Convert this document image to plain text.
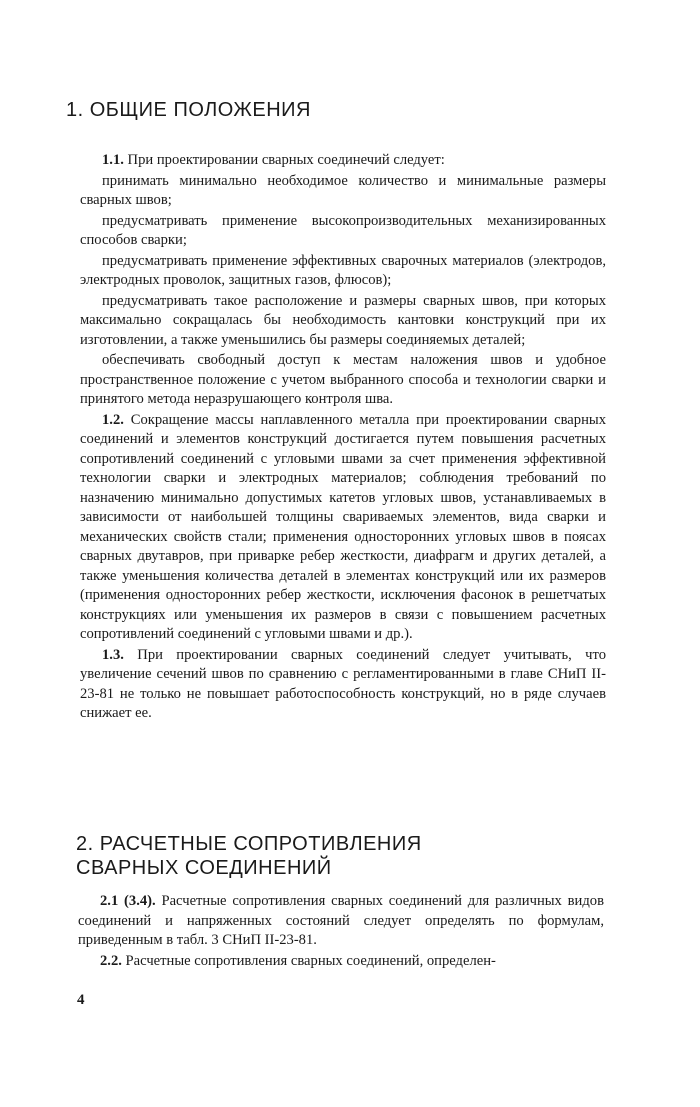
1. ОБЩИЕ ПОЛОЖЕНИЯ

1.1. При проектировании сварных соединечий следует:

принимать минимально необходимое количество и минимальные размеры сварных швов;

предусматривать применение высокопроизводительных механизированных способов сварки;

предусматривать применение эффективных сварочных материалов (электродов, электродных проволок, защитных газов, флюсов);

предусматривать такое расположение и размеры сварных швов, при которых максимально сокращалась бы необходимость кантовки конструкций при их изготовлении, а также уменьшились бы размеры соединяемых деталей;

обеспечивать свободный доступ к местам наложения швов и удобное пространственное положение с учетом выбранного способа и технологии сварки и принятого метода неразрушающего контроля шва.

1.2. Сокращение массы наплавленного металла при проектировании сварных соединений и элементов конструкций достигается путем повышения расчетных сопротивлений соединений с угловыми швами за счет применения эффективной технологии сварки и электродных материалов; соблюдения требований по назначению минимально допустимых катетов угловых швов, устанавливаемых в зависимости от наибольшей толщины свариваемых элементов, вида сварки и механических свойств стали; применения односторонних угловых швов в поясах сварных двутавров, при приварке ребер жесткости, диафрагм и других деталей, а также уменьшения количества деталей в элементах конструкций или их размеров (применения односторонних ребер жесткости, исключения фасонок в решетчатых конструкциях или уменьшения их размеров в связи с повышением расчетных сопротивлений соединений с угловыми швами и др.).

1.3. При проектировании сварных соединений следует учитывать, что увеличение сечений швов по сравнению с регламентированными в главе СНиП II-23-81 не только не повышает работоспособность конструкций, но в ряде случаев снижает ее.

2. РАСЧЕТНЫЕ СОПРОТИВЛЕНИЯ
СВАРНЫХ СОЕДИНЕНИЙ

2.1 (3.4). Расчетные сопротивления сварных соединений для различных видов соединений и напряженных состояний следует определять по формулам, приведенным в табл. 3 СНиП II-23-81.

2.2. Расчетные сопротивления сварных соединений, определен-

4
